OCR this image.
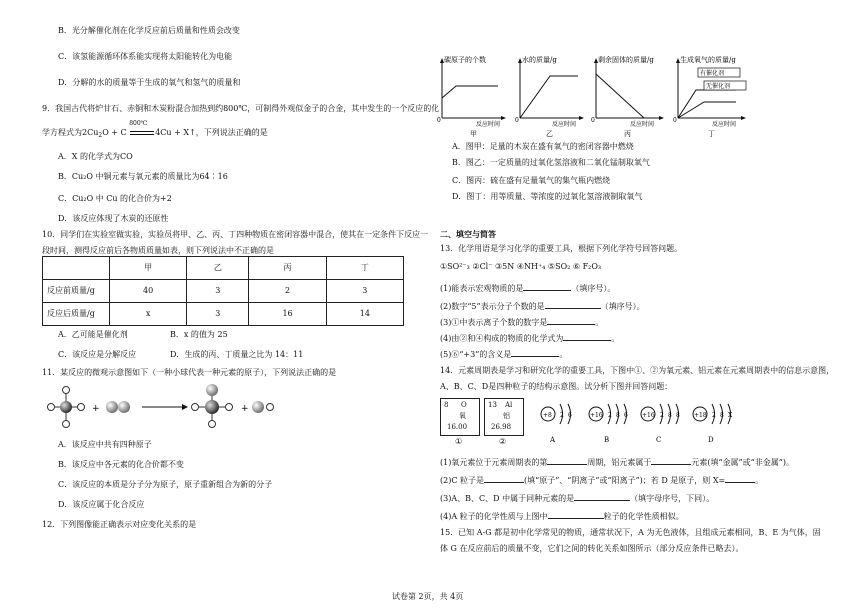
B．光分解催化剂在化学反应前后质量和性质会改变
C．该氢能源循环体系能实现将太阳能转化为电能
D．分解的水的质量等于生成的氧气和氢气的质量和
9．我国古代将炉甘石、赤铜和木炭粉混合加热到约800℃，可制得外观似金子的合金，其中发生的一个反应的化
学方程式为$2Cu_2O + C$
800℃
4Cu + X↑，下列说法正确的是
A．X 的化学式为CO
B．Cu₂O 中铜元素与氧元素的质量比为64∶16
C．Cu₂O 中 Cu 的化合价为+2
D．该反应体现了木炭的还原性
10．同学们在实验室做实验，实验员将甲、乙、丙、丁四种物质在密闭容器中混合，使其在一定条件下反应一
段时间，测得反应前后各物质质量如表，则下列说法中不正确的是
	甲	乙	丙	丁
反应前质量/g	40	3	2	3
反应后质量/g	x	3	16	14
A．乙可能是催化剂	B．x 的值为 25
C．该反应是分解反应	D．生成的丙、丁质量之比为 14：11
11．某反应的微观示意图如下（一种小球代表一种元素的原子），下列说法正确的是
+	+
A．该反应中共有四种原子
B．该反应中各元素的化合价都不变
C．该反应的本质是分子分为原子，原子重新组合为新的分子
D．该反应属于化合反应
12．下列图像能正确表示对应变化关系的是
碳原子的个数
0
反应时间
甲
水的质量/g
0
反应时间
乙
剩余固体的质量/g
0
反应时间
丙
生成氧气的质量/g
有催化剂
无催化剂
0
反应时间
丁
A．图甲：足量的木炭在盛有氧气的密闭容器中燃烧
B．图乙：一定质量的过氧化氢溶液和二氧化锰制取氧气
C．图丙：硫在盛有足量氧气的集气瓶内燃烧
D．图丁：用等质量、等浓度的过氧化氢溶液制取氧气
二、填空与简答
13．化学用语是学习化学的重要工具，根据下列化学符号回答问题。
①SO²⁻₃ ②Cl⁻ ③5N ④NH⁺₄ ⑤SO₂ ⑥ F₂O₃
(1)能表示宏观物质的是	（填序号）。
(2)数字“5”表示分子个数的是	（填序号）。
(3)①中表示离子个数的数字是	。
(4)由②和④构成的物质的化学式为	。
(5)⑥“+3”的含义是	。
14．元素周期表是学习和研究化学的重要工具，下图中①、②为氧元素、铝元素在元素周期表中的信息示意图，
A、B、C、D是四种粒子的结构示意图。试分析下图并回答问题：
8 O
氧
16.00
①
13 Al
铝
26.98
②
+8 2 6
A
+16 2 8 6
B
+16 2 8 8
C
+18 2 8 X
D
(1)氧元素位于元素周期表的第	周期，铝元素属于	元素(填“金属”或“非金属”)。
(2)C 粒子是	(填“原子”、“阴离子”或“阳离子”)；若 D 是原子，则 X=	。
(3)A、B、C、D 中属于同种元素的是	（填字母序号，下同）。
(4)A 粒子的化学性质与上图中	粒子的化学性质相似。
15．已知 A-G 都是初中化学常见的物质，通常状况下，A 为无色液体，且组成元素相同，B、E 为气体，固
体 G 在反应前后的质量不变，它们之间的转化关系如图所示（部分反应条件已略去）。
试卷第 2页，共 4页
